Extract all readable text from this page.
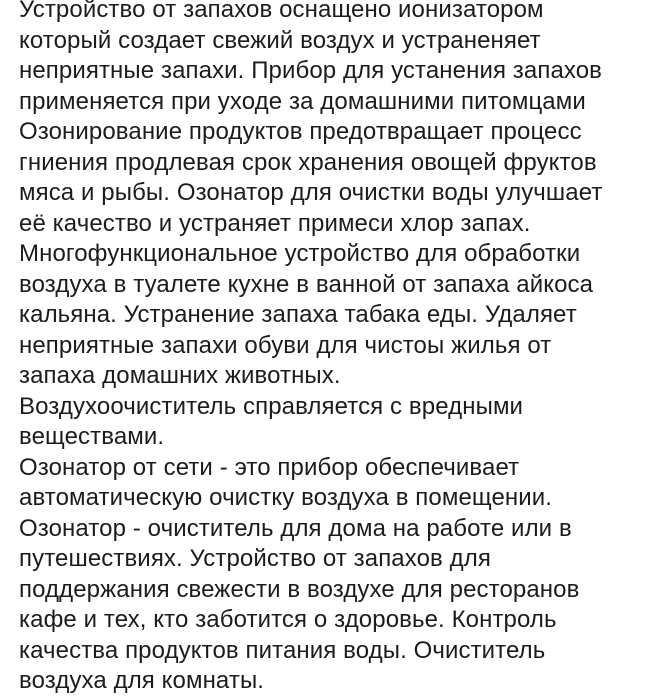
Устройство от запахов оснащено ионизатором
который создает свежий воздух и устраненяет
неприятные запахи. Прибор для устанения запахов
применяется при уходе за домашними питомцами
Озонирование продуктов предотвращает процесс
гниения продлевая срок хранения овощей фруктов
мяса и рыбы. Озонатор для очистки воды улучшает
её качество и устраняет примеси хлор запах.
Многофункциональное устройство для обработки
воздуха в туалете кухне в ванной от запаха айкоса
кальяна. Устранение запаха табака еды. Удаляет
неприятные запахи обуви для чистоы жилья от
запаха домашних животных.
Воздухоочиститель справляется с вредными
веществами.
Озонатор от сети - это прибор обеспечивает
автоматическую очистку воздуха в помещении.
Озонатор - очиститель для дома на работе или в
путешествиях. Устройство от запахов для
поддержания свежести в воздухе для ресторанов
кафе и тех, кто заботится о здоровье. Контроль
качества продуктов питания воды. Очиститель
воздуха для комнаты.
